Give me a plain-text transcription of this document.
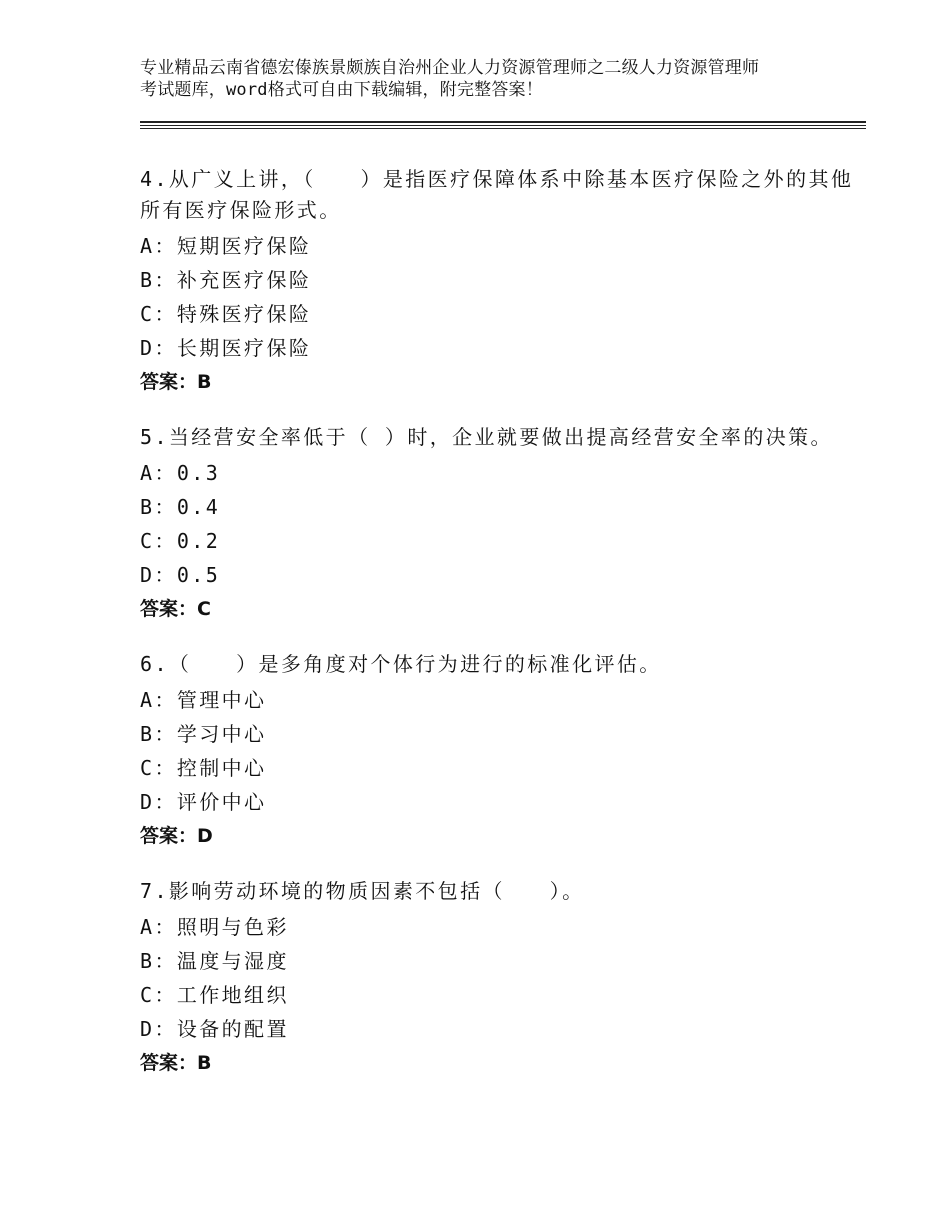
专业精品云南省德宏傣族景颇族自治州企业人力资源管理师之二级人力资源管理师
考试题库，word格式可自由下载编辑，附完整答案！
4.从广义上讲，（　　）是指医疗保障体系中除基本医疗保险之外的其他所有医疗保险形式。
A：短期医疗保险
B：补充医疗保险
C：特殊医疗保险
D：长期医疗保险
答案：B
5.当经营安全率低于（ ）时，企业就要做出提高经营安全率的决策。
A：0.3
B：0.4
C：0.2
D：0.5
答案：C
6.（　　）是多角度对个体行为进行的标准化评估。
A：管理中心
B：学习中心
C：控制中心
D：评价中心
答案：D
7.影响劳动环境的物质因素不包括（　　）。
A：照明与色彩
B：温度与湿度
C：工作地组织
D：设备的配置
答案：B
